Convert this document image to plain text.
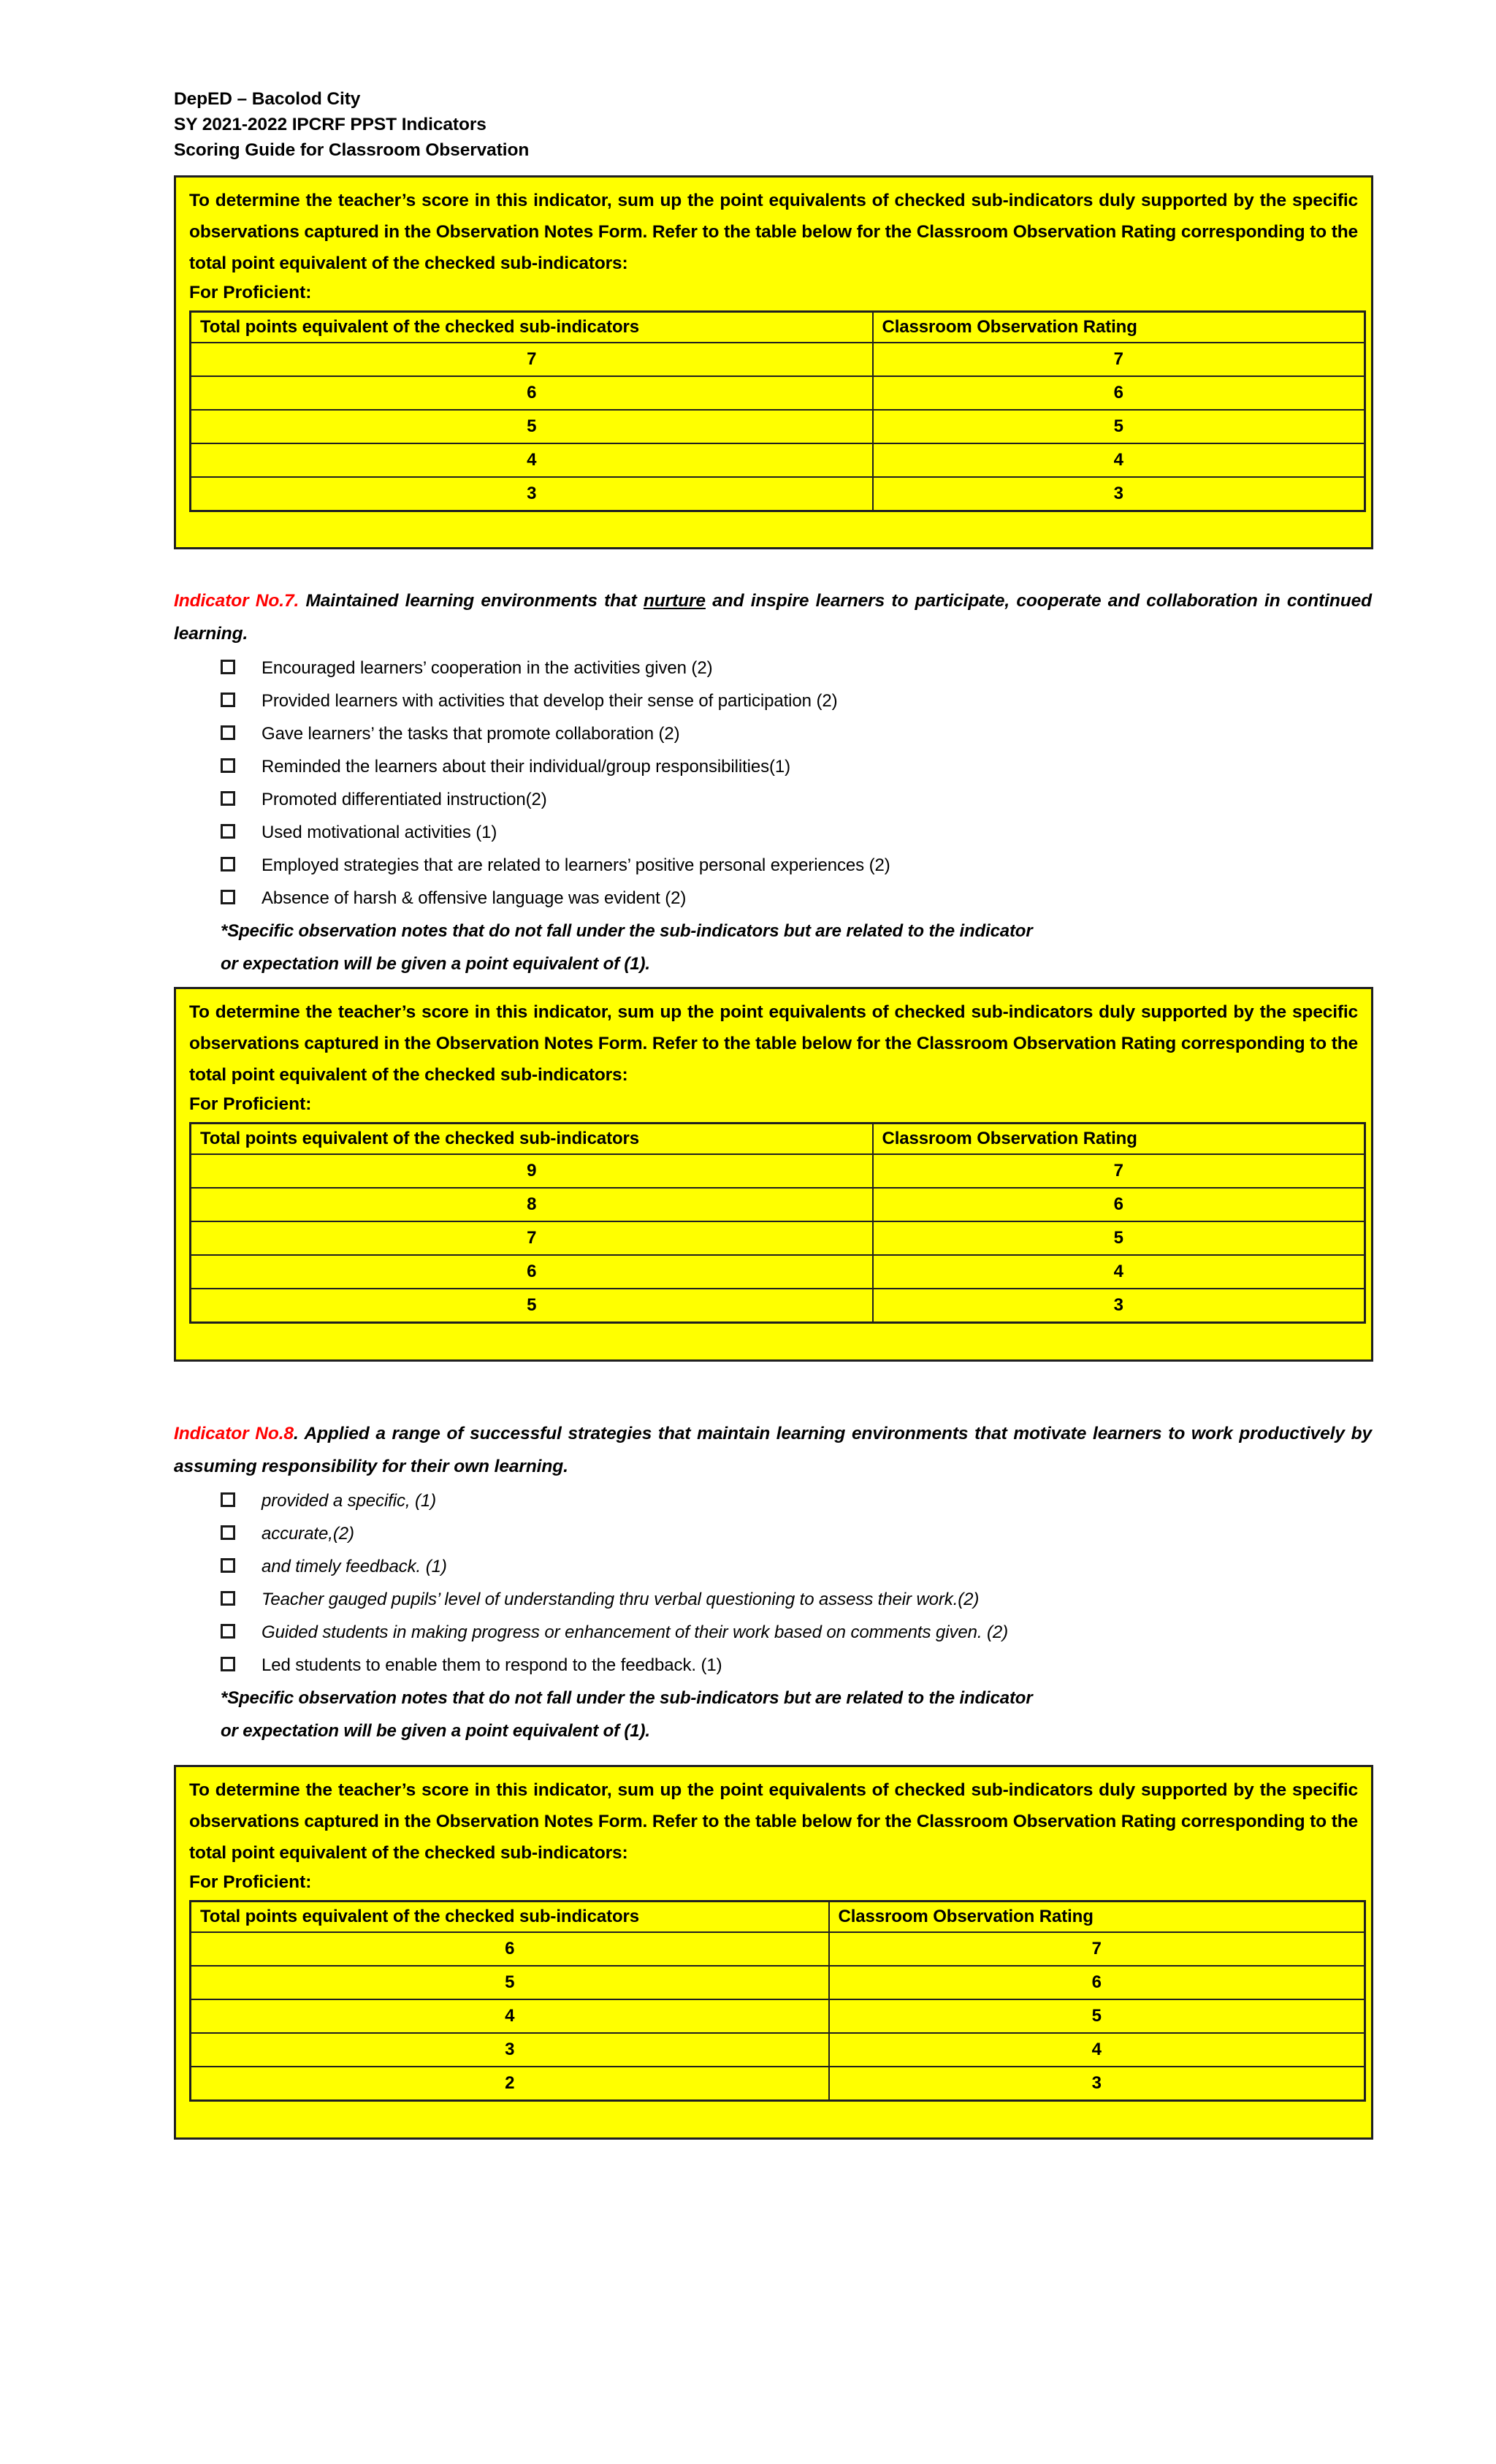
DepED – Bacolod City
SY 2021-2022 IPCRF PPST Indicators
Scoring Guide for Classroom Observation

To determine the teacher’s score in this indicator, sum up the point equivalents of checked sub-indicators duly supported by the specific observations captured in the Observation Notes Form. Refer to the table below for the Classroom Observation Rating corresponding to the total point equivalent of the checked sub-indicators:

For Proficient:

Total points equivalent of the checked sub-indicators	Classroom Observation Rating
7	7
6	6
5	5
4	4
3	3

Indicator No.7. Maintained learning environments that nurture and inspire learners to participate, cooperate and collaboration in continued learning.

Encouraged learners’ cooperation in the activities given (2)
Provided learners with activities that develop their sense of participation (2)
Gave learners’ the tasks that promote collaboration (2)
Reminded the learners about their individual/group responsibilities(1)
Promoted differentiated instruction(2)
Used motivational activities (1)
Employed strategies that are related to learners’ positive personal experiences (2)
Absence of harsh & offensive language was evident (2)

*Specific observation notes that do not fall under the sub-indicators but are related to the indicator

or expectation will be given a point equivalent of (1).

To determine the teacher’s score in this indicator, sum up the point equivalents of checked sub-indicators duly supported by the specific observations captured in the Observation Notes Form. Refer to the table below for the Classroom Observation Rating corresponding to the total point equivalent of the checked sub-indicators:

For Proficient:

Total points equivalent of the checked sub-indicators	Classroom Observation Rating
9	7
8	6
7	5
6	4
5	3

Indicator No.8. Applied a range of successful strategies that maintain learning environments that motivate learners to work productively by assuming responsibility for their own learning.

provided a specific, (1)
accurate,(2)
and timely feedback. (1)
Teacher gauged pupils’ level of understanding thru verbal questioning to assess their work.(2)
Guided students in making progress or enhancement of their work based on comments given. (2)
Led students to enable them to respond to the feedback. (1)

*Specific observation notes that do not fall under the sub-indicators but are related to the indicator

or expectation will be given a point equivalent of (1).

To determine the teacher’s score in this indicator, sum up the point equivalents of checked sub-indicators duly supported by the specific observations captured in the Observation Notes Form. Refer to the table below for the Classroom Observation Rating corresponding to the total point equivalent of the checked sub-indicators:

For Proficient:

Total points equivalent of the checked sub-indicators	Classroom Observation Rating
6	7
5	6
4	5
3	4
2	3
